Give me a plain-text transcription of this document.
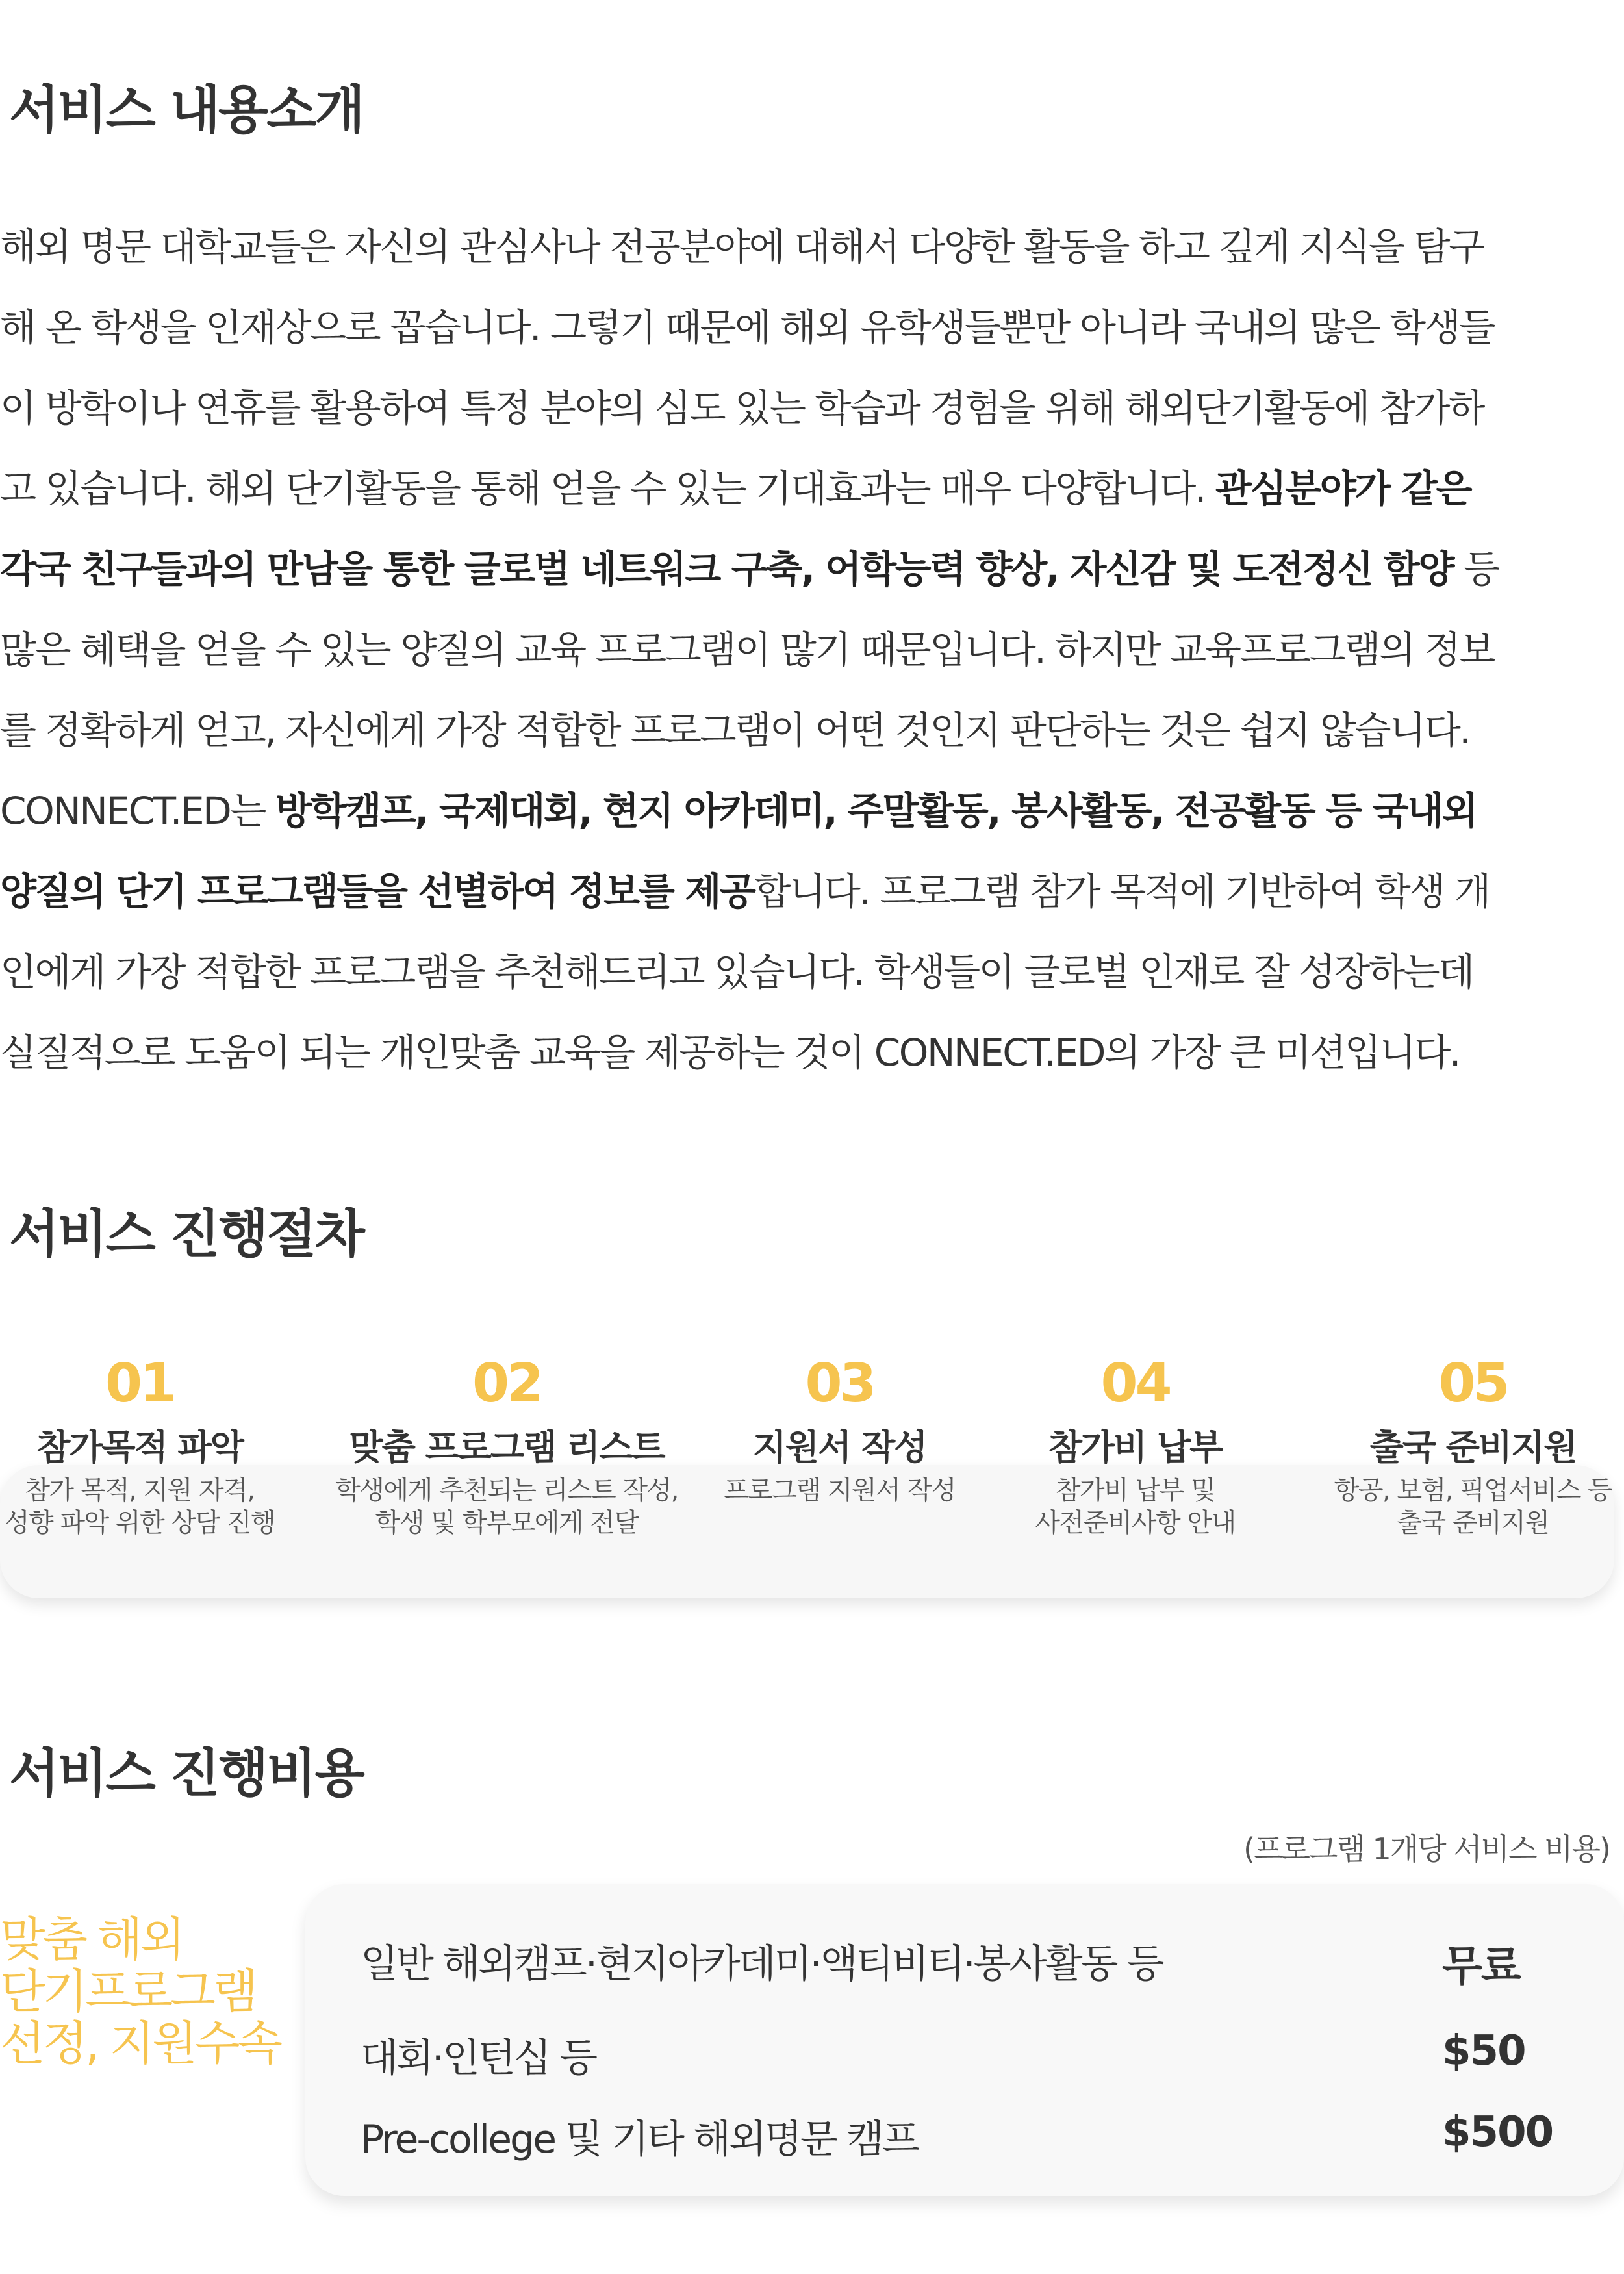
서비스 내용소개
해외 명문 대학교들은 자신의 관심사나 전공분야에 대해서 다양한 활동을 하고 깊게 지식을 탐구
해 온 학생을 인재상으로 꼽습니다. 그렇기 때문에 해외 유학생들뿐만 아니라 국내의 많은 학생들
이 방학이나 연휴를 활용하여 특정 분야의 심도 있는 학습과 경험을 위해 해외단기활동에 참가하
고 있습니다. 해외 단기활동을 통해 얻을 수 있는 기대효과는 매우 다양합니다. 관심분야가 같은
각국 친구들과의 만남을 통한 글로벌 네트워크 구축, 어학능력 향상, 자신감 및 도전정신 함양 등
많은 혜택을 얻을 수 있는 양질의 교육 프로그램이 많기 때문입니다. 하지만 교육프로그램의 정보
를 정확하게 얻고, 자신에게 가장 적합한 프로그램이 어떤 것인지 판단하는 것은 쉽지 않습니다.
CONNECT.ED는 방학캠프, 국제대회, 현지 아카데미, 주말활동, 봉사활동, 전공활동 등 국내외
양질의 단기 프로그램들을 선별하여 정보를 제공합니다. 프로그램 참가 목적에 기반하여 학생 개
인에게 가장 적합한 프로그램을 추천해드리고 있습니다. 학생들이 글로벌 인재로 잘 성장하는데
실질적으로 도움이 되는 개인맞춤 교육을 제공하는 것이 CONNECT.ED의 가장 큰 미션입니다.
서비스 진행절차
01
참가목적 파악
참가 목적, 지원 자격,
성향 파악 위한 상담 진행
02
맞춤 프로그램 리스트
학생에게 추천되는 리스트 작성,
학생 및 학부모에게 전달
03
지원서 작성
프로그램 지원서 작성
04
참가비 납부
참가비 납부 및
사전준비사항 안내
05
출국 준비지원
항공, 보험, 픽업서비스 등
출국 준비지원
서비스 진행비용
(프로그램 1개당 서비스 비용)
맞춤 해외
단기프로그램
선정, 지원수속
일반 해외캠프·현지아카데미·액티비티·봉사활동 등	무료
대회·인턴십 등	$50
Pre-college 및 기타 해외명문 캠프	$500
